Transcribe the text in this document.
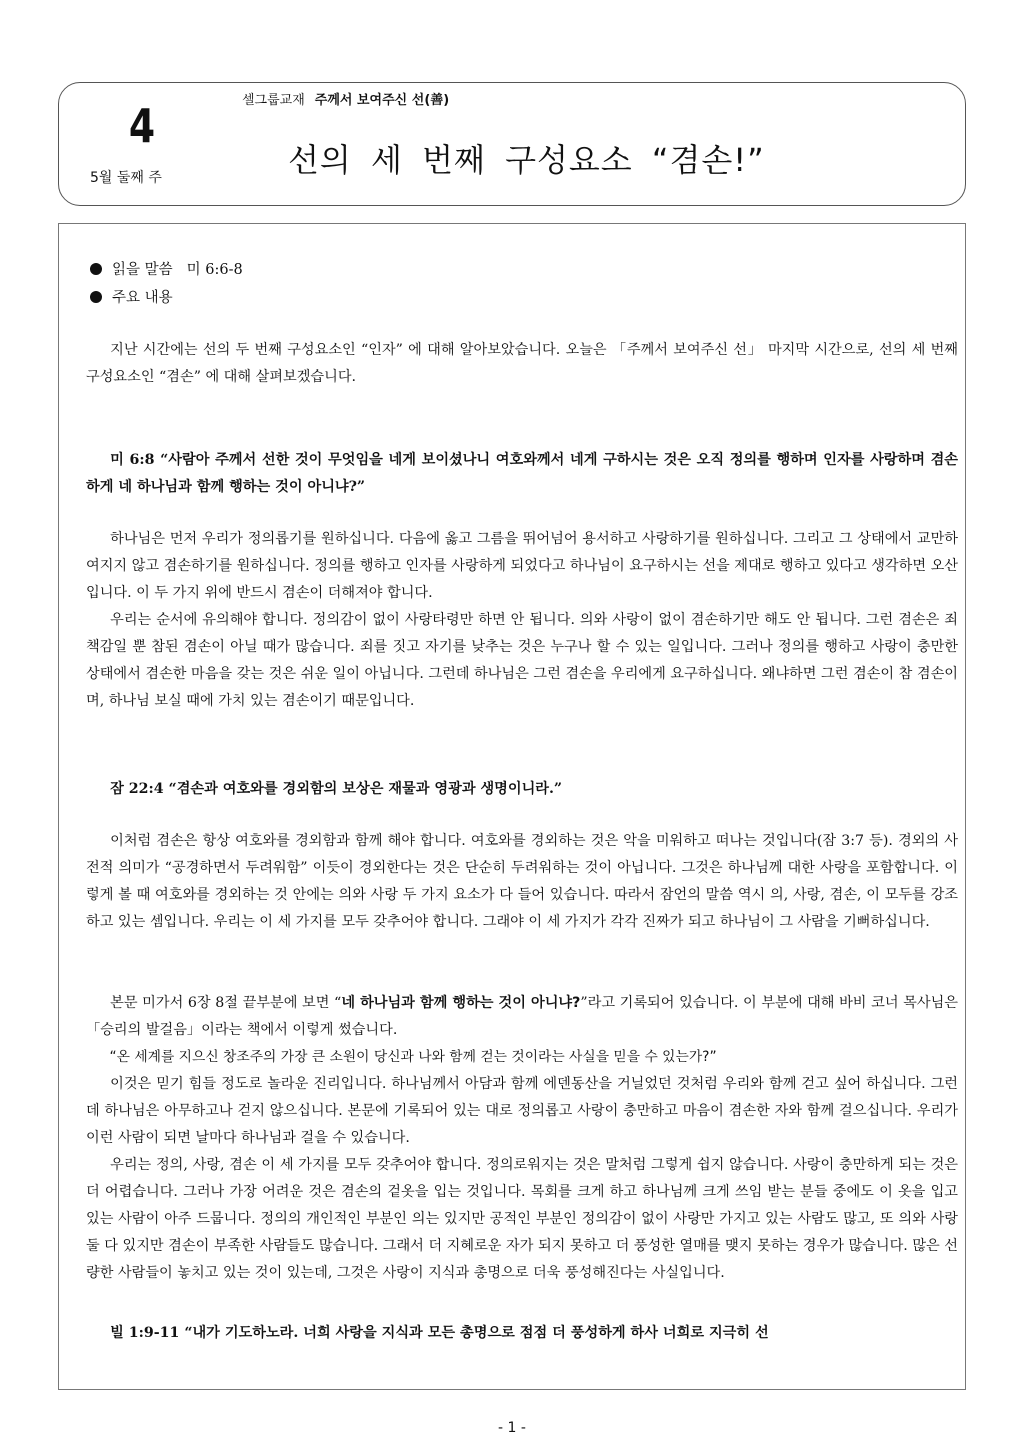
4
5월 둘째 주
셀그룹교재 주께서 보여주신 선(善)
선의 세 번째 구성요소 “겸손!”
읽을 말씀 미 6:6-8
주요 내용

지난 시간에는 선의 두 번째 구성요소인 “인자” 에 대해 알아보았습니다. 오늘은 「주께서 보여주신 선」 마지막 시간으로, 선의 세 번째 구성요소인 “겸손” 에 대해 살펴보겠습니다.

미 6:8 “사람아 주께서 선한 것이 무엇임을 네게 보이셨나니 여호와께서 네게 구하시는 것은 오직 정의를 행하며 인자를 사랑하며 겸손하게 네 하나님과 함께 행하는 것이 아니냐?”

하나님은 먼저 우리가 정의롭기를 원하십니다. 다음에 옳고 그름을 뛰어넘어 용서하고 사랑하기를 원하십니다. 그리고 그 상태에서 교만하여지지 않고 겸손하기를 원하십니다. 정의를 행하고 인자를 사랑하게 되었다고 하나님이 요구하시는 선을 제대로 행하고 있다고 생각하면 오산입니다. 이 두 가지 위에 반드시 겸손이 더해져야 합니다.

우리는 순서에 유의해야 합니다. 정의감이 없이 사랑타령만 하면 안 됩니다. 의와 사랑이 없이 겸손하기만 해도 안 됩니다. 그런 겸손은 죄책감일 뿐 참된 겸손이 아닐 때가 많습니다. 죄를 짓고 자기를 낮추는 것은 누구나 할 수 있는 일입니다. 그러나 정의를 행하고 사랑이 충만한 상태에서 겸손한 마음을 갖는 것은 쉬운 일이 아닙니다. 그런데 하나님은 그런 겸손을 우리에게 요구하십니다. 왜냐하면 그런 겸손이 참 겸손이며, 하나님 보실 때에 가치 있는 겸손이기 때문입니다.

잠 22:4 “겸손과 여호와를 경외함의 보상은 재물과 영광과 생명이니라.”

이처럼 겸손은 항상 여호와를 경외함과 함께 해야 합니다. 여호와를 경외하는 것은 악을 미워하고 떠나는 것입니다(잠 3:7 등). 경외의 사전적 의미가 “공경하면서 두려워함” 이듯이 경외한다는 것은 단순히 두려워하는 것이 아닙니다. 그것은 하나님께 대한 사랑을 포함합니다. 이렇게 볼 때 여호와를 경외하는 것 안에는 의와 사랑 두 가지 요소가 다 들어 있습니다. 따라서 잠언의 말씀 역시 의, 사랑, 겸손, 이 모두를 강조하고 있는 셈입니다. 우리는 이 세 가지를 모두 갖추어야 합니다. 그래야 이 세 가지가 각각 진짜가 되고 하나님이 그 사람을 기뻐하십니다.

본문 미가서 6장 8절 끝부분에 보면 “네 하나님과 함께 행하는 것이 아니냐?”라고 기록되어 있습니다. 이 부분에 대해 바비 코너 목사님은 「승리의 발걸음」이라는 책에서 이렇게 썼습니다.

“온 세계를 지으신 창조주의 가장 큰 소원이 당신과 나와 함께 걷는 것이라는 사실을 믿을 수 있는가?”

이것은 믿기 힘들 정도로 놀라운 진리입니다. 하나님께서 아담과 함께 에덴동산을 거닐었던 것처럼 우리와 함께 걷고 싶어 하십니다. 그런데 하나님은 아무하고나 걷지 않으십니다. 본문에 기록되어 있는 대로 정의롭고 사랑이 충만하고 마음이 겸손한 자와 함께 걸으십니다. 우리가 이런 사람이 되면 날마다 하나님과 걸을 수 있습니다.

우리는 정의, 사랑, 겸손 이 세 가지를 모두 갖추어야 합니다. 정의로워지는 것은 말처럼 그렇게 쉽지 않습니다. 사랑이 충만하게 되는 것은 더 어렵습니다. 그러나 가장 어려운 것은 겸손의 겉옷을 입는 것입니다. 목회를 크게 하고 하나님께 크게 쓰임 받는 분들 중에도 이 옷을 입고 있는 사람이 아주 드뭅니다. 정의의 개인적인 부분인 의는 있지만 공적인 부분인 정의감이 없이 사랑만 가지고 있는 사람도 많고, 또 의와 사랑 둘 다 있지만 겸손이 부족한 사람들도 많습니다. 그래서 더 지혜로운 자가 되지 못하고 더 풍성한 열매를 맺지 못하는 경우가 많습니다. 많은 선량한 사람들이 놓치고 있는 것이 있는데, 그것은 사랑이 지식과 총명으로 더욱 풍성해진다는 사실입니다.

빌 1:9-11 “내가 기도하노라. 너희 사랑을 지식과 모든 총명으로 점점 더 풍성하게 하사 너희로 지극히 선

- 1 -
